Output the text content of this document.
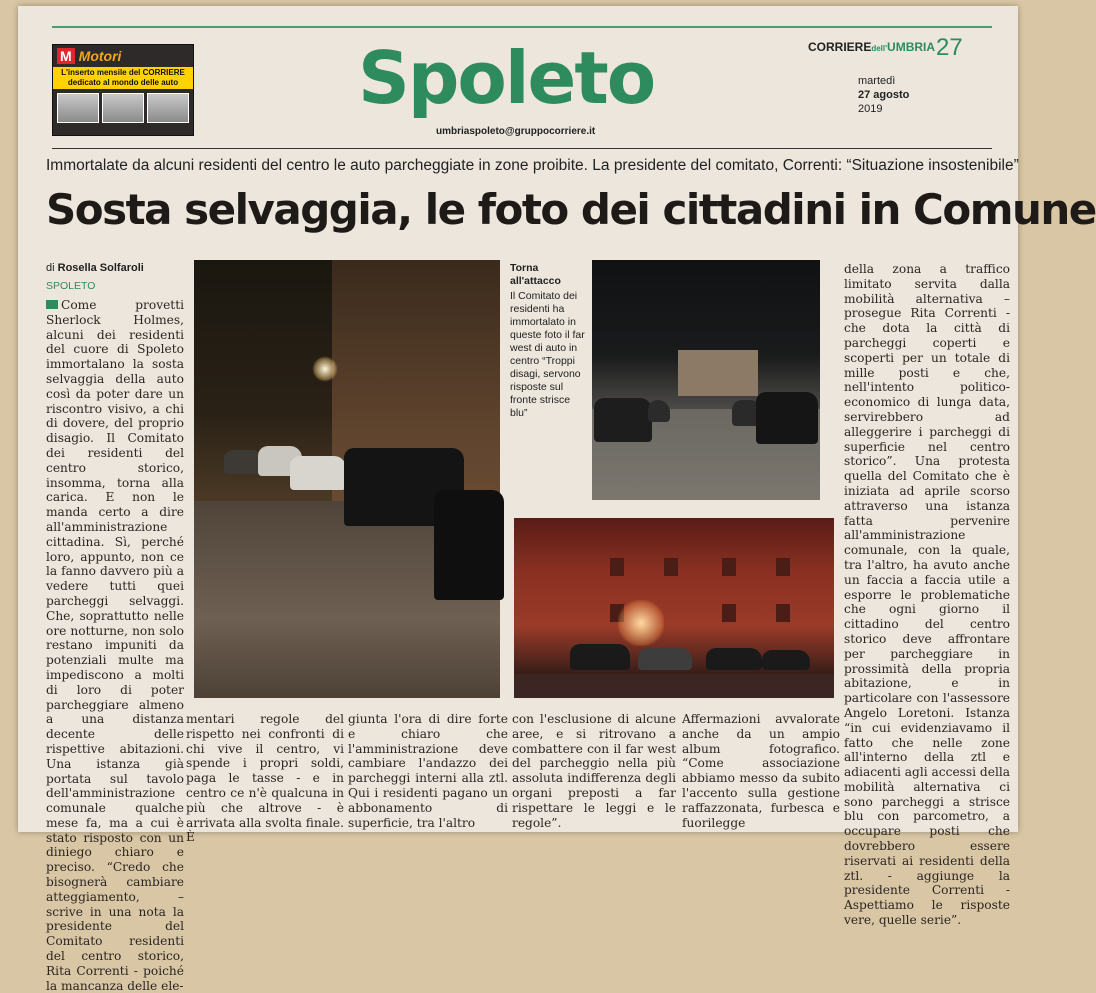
M Motori
L'inserto mensile del CORRIERE
dedicato al mondo delle auto Spoleto
umbriaspoleto@gruppocorriere.it
CORRIEREdell'UMBRIA 27
martedì
27 agosto
2019
Immortalate da alcuni residenti del centro le auto parcheggiate in zone proibite. La presidente del comitato, Correnti: “Situazione insostenibile”
Sosta selvaggia, le foto dei cittadini in Comune
di Rosella Solfaroli
SPOLETO
Come provetti Sherlock Holmes, alcuni dei residenti del cuore di Spoleto immortalano la sosta selvaggia della auto così da poter dare un riscontro visivo, a chi di dovere, del proprio disagio. Il Comitato dei residenti del centro storico, insomma, torna alla carica. E non le manda certo a dire all'amministrazione cittadina. Sì, perché loro, appunto, non ce la fanno davvero più a vedere tutti quei parcheggi selvaggi. Che, soprattutto nelle ore notturne, non solo restano impuniti da potenziali multe ma impediscono a molti di loro di poter parcheggiare almeno a una distanza decente delle rispettive abitazioni. Una istanza già portata sul tavolo dell'amministrazione comunale qualche mese fa, ma a cui è stato risposto con un diniego chiaro e preciso. “Credo che bisognerà cambiare atteggiamento, – scrive in una nota la presidente del Comitato residenti del centro storico, Rita Correnti - poiché la mancanza delle ele-
Torna all'attacco
Il Comitato dei residenti ha immortalato in queste foto il far west di auto in centro “Troppi disagi, servono risposte sul fronte strisce blu”
mentari regole del rispetto nei confronti di chi vive il centro, vi spende i propri soldi, paga le tasse - e in centro ce n'è qualcuna in più che altrove - è arrivata alla svolta finale. È
giunta l'ora di dire forte e chiaro che l'amministrazione deve cambiare l'andazzo dei parcheggi interni alla ztl. Qui i residenti pagano un abbonamento di superficie, tra l'altro
con l'esclusione di alcune aree, e si ritrovano a combattere con il far west del parcheggio nella più assoluta indifferenza degli organi preposti a far rispettare le leggi e le regole”.
Affermazioni avvalorate anche da un ampio album fotografico. “Come associazione abbiamo messo da subito l'accento sulla gestione raffazzonata, furbesca e fuorilegge
della zona a traffico limitato servita dalla mobilità alternativa – prosegue Rita Correnti - che dota la città di parcheggi coperti e scoperti per un totale di mille posti e che, nell'intento politico-economico di lunga data, servirebbero ad alleggerire i parcheggi di superficie nel centro storico”. Una protesta quella del Comitato che è iniziata ad aprile scorso attraverso una istanza fatta pervenire all'amministrazione comunale, con la quale, tra l'altro, ha avuto anche un faccia a faccia utile a esporre le problematiche che ogni giorno il cittadino del centro storico deve affrontare per parcheggiare in prossimità della propria abitazione, e in particolare con l'assessore Angelo Loretoni. Istanza “in cui evidenziavamo il fatto che nelle zone all'interno della ztl e adiacenti agli accessi della mobilità alternativa ci sono parcheggi a strisce blu con parcometro, a occupare posti che dovrebbero essere riservati ai residenti della ztl. - aggiunge la presidente Correnti - Aspettiamo le risposte vere, quelle serie”.
